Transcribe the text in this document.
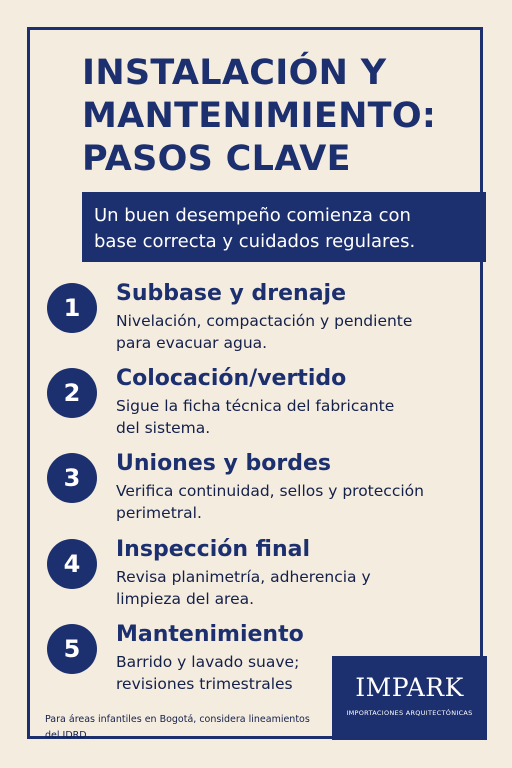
INSTALACIÓN Y
MANTENIMIENTO:
PASOS CLAVE
Un buen desempeño comienza con
base correcta y cuidados regulares.
1
Subbase y drenaje
Nivelación, compactación y pendiente
para evacuar agua.
2
Colocación/vertido
Sigue la ficha técnica del fabricante
del sistema.
3
Uniones y bordes
Verifica continuidad, sellos y protección
perimetral.
4
Inspección final
Revisa planimetría, adherencia y
limpieza del area.
5
Mantenimiento
Barrido y lavado suave;
revisiones trimestrales
Para áreas infantiles en Bogotá, considera lineamientos
del IDRD.
IMPARK
IMPORTACIONES ARQUITECTÓNICAS
